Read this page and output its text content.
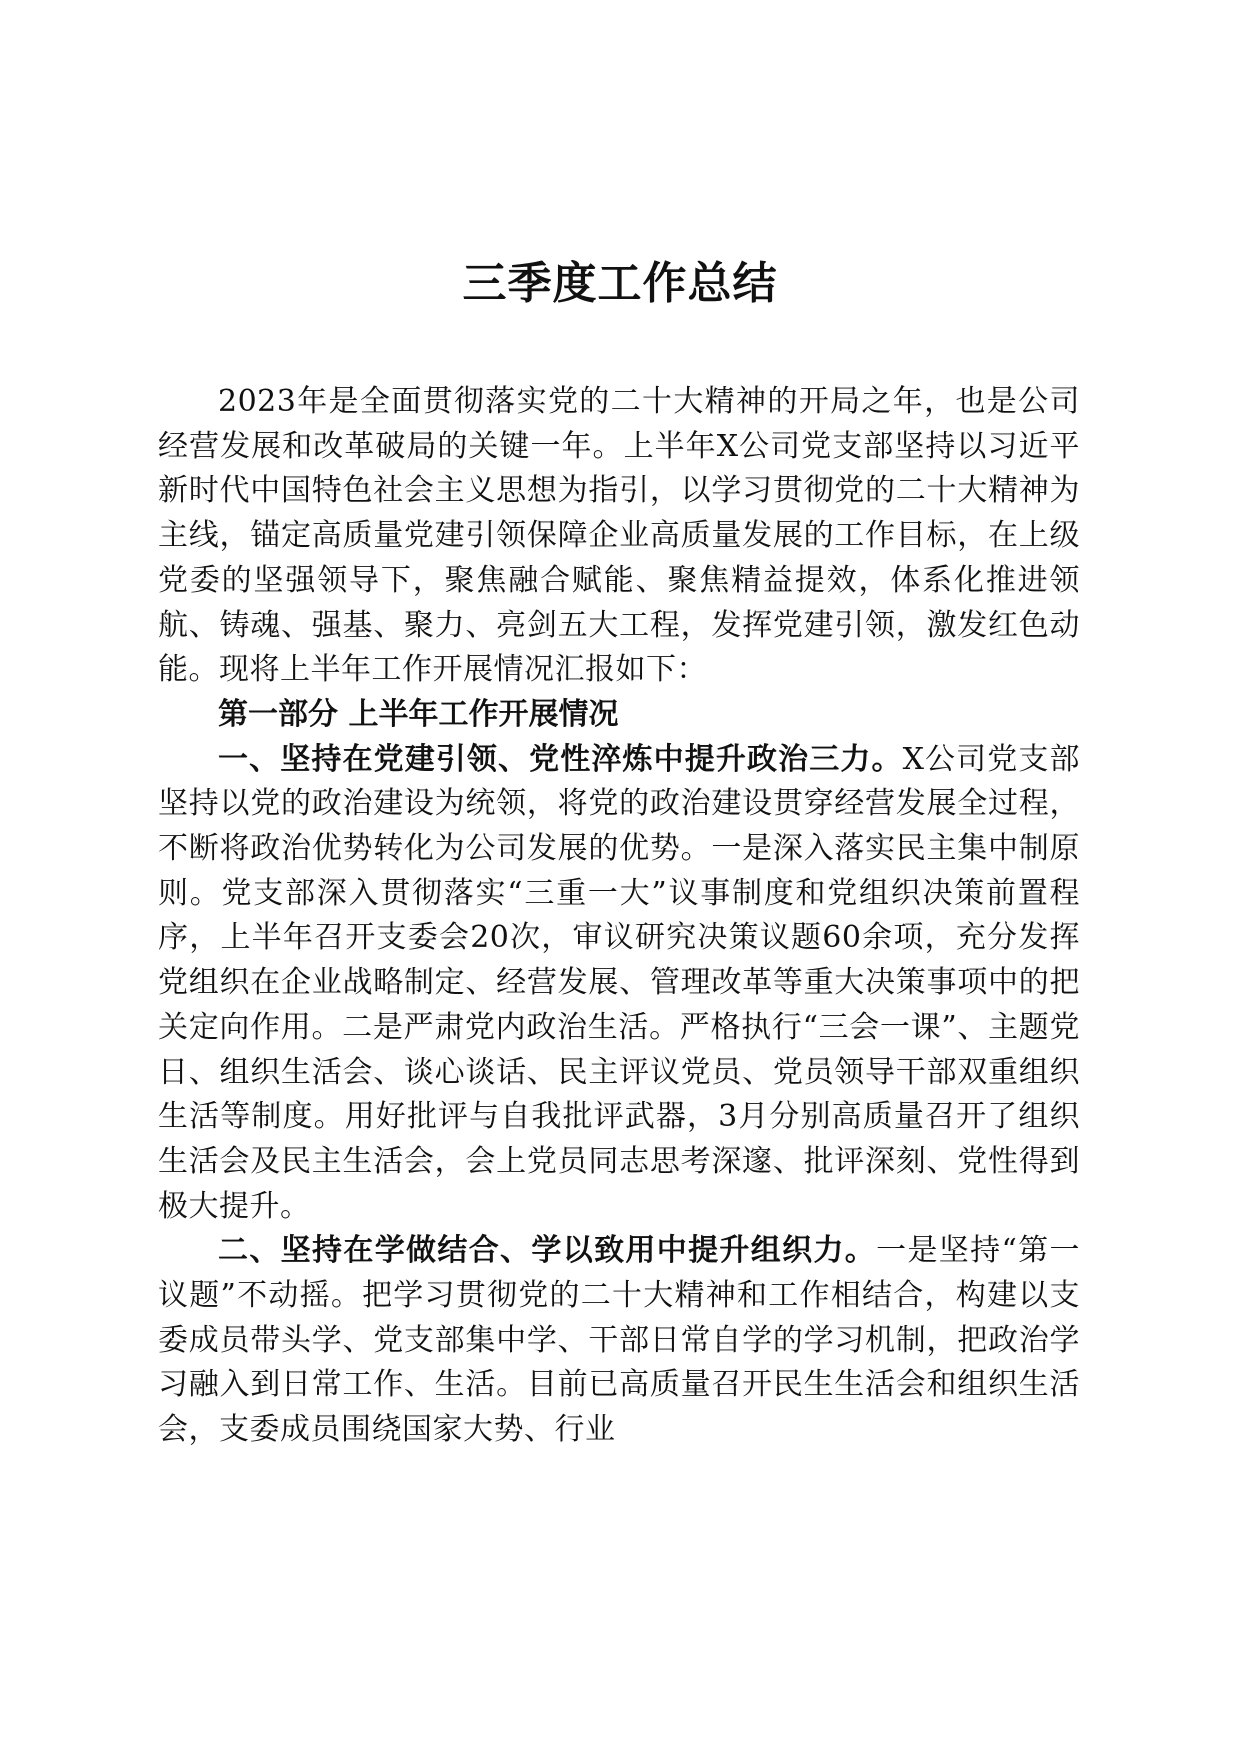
三季度工作总结

2023年是全面贯彻落实党的二十大精神的开局之年，也是公司经营发展和改革破局的关键一年。上半年X公司党支部坚持以习近平新时代中国特色社会主义思想为指引，以学习贯彻党的二十大精神为主线，锚定高质量党建引领保障企业高质量发展的工作目标，在上级党委的坚强领导下，聚焦融合赋能、聚焦精益提效，体系化推进领航、铸魂、强基、聚力、亮剑五大工程，发挥党建引领，激发红色动能。现将上半年工作开展情况汇报如下：

第一部分 上半年工作开展情况

一、坚持在党建引领、党性淬炼中提升政治三力。X公司党支部坚持以党的政治建设为统领，将党的政治建设贯穿经营发展全过程，不断将政治优势转化为公司发展的优势。一是深入落实民主集中制原则。党支部深入贯彻落实“三重一大”议事制度和党组织决策前置程序，上半年召开支委会20次，审议研究决策议题60余项，充分发挥党组织在企业战略制定、经营发展、管理改革等重大决策事项中的把关定向作用。二是严肃党内政治生活。严格执行“三会一课”、主题党日、组织生活会、谈心谈话、民主评议党员、党员领导干部双重组织生活等制度。用好批评与自我批评武器，3月分别高质量召开了组织生活会及民主生活会，会上党员同志思考深邃、批评深刻、党性得到极大提升。

二、坚持在学做结合、学以致用中提升组织力。一是坚持“第一议题”不动摇。把学习贯彻党的二十大精神和工作相结合，构建以支委成员带头学、党支部集中学、干部日常自学的学习机制，把政治学习融入到日常工作、生活。目前已高质量召开民生生活会和组织生活会，支委成员围绕国家大势、行业
